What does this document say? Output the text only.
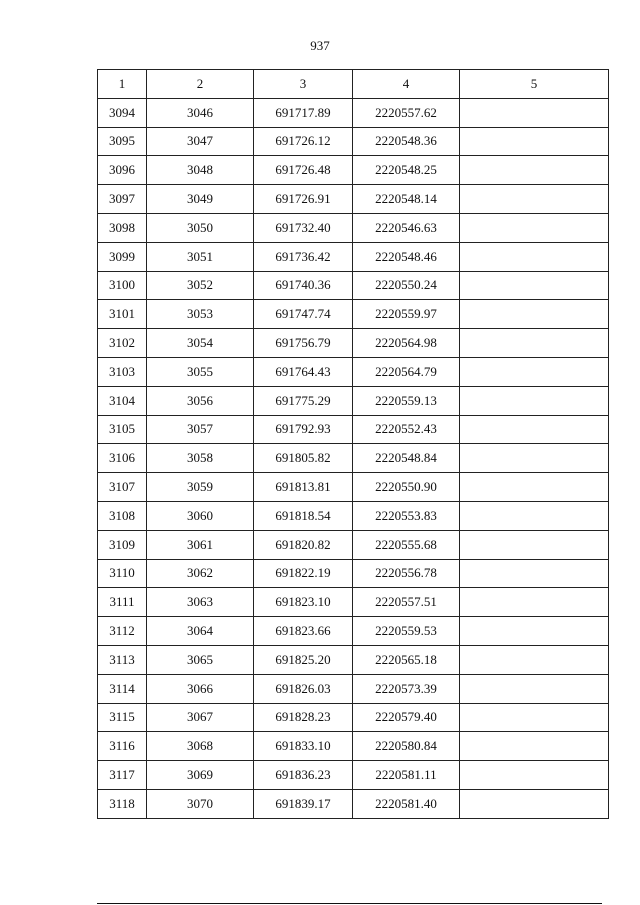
937
1	2	3	4	5
3094	3046	691717.89	2220557.62	
3095	3047	691726.12	2220548.36	
3096	3048	691726.48	2220548.25	
3097	3049	691726.91	2220548.14	
3098	3050	691732.40	2220546.63	
3099	3051	691736.42	2220548.46	
3100	3052	691740.36	2220550.24	
3101	3053	691747.74	2220559.97	
3102	3054	691756.79	2220564.98	
3103	3055	691764.43	2220564.79	
3104	3056	691775.29	2220559.13	
3105	3057	691792.93	2220552.43	
3106	3058	691805.82	2220548.84	
3107	3059	691813.81	2220550.90	
3108	3060	691818.54	2220553.83	
3109	3061	691820.82	2220555.68	
3110	3062	691822.19	2220556.78	
3111	3063	691823.10	2220557.51	
3112	3064	691823.66	2220559.53	
3113	3065	691825.20	2220565.18	
3114	3066	691826.03	2220573.39	
3115	3067	691828.23	2220579.40	
3116	3068	691833.10	2220580.84	
3117	3069	691836.23	2220581.11	
3118	3070	691839.17	2220581.40	
